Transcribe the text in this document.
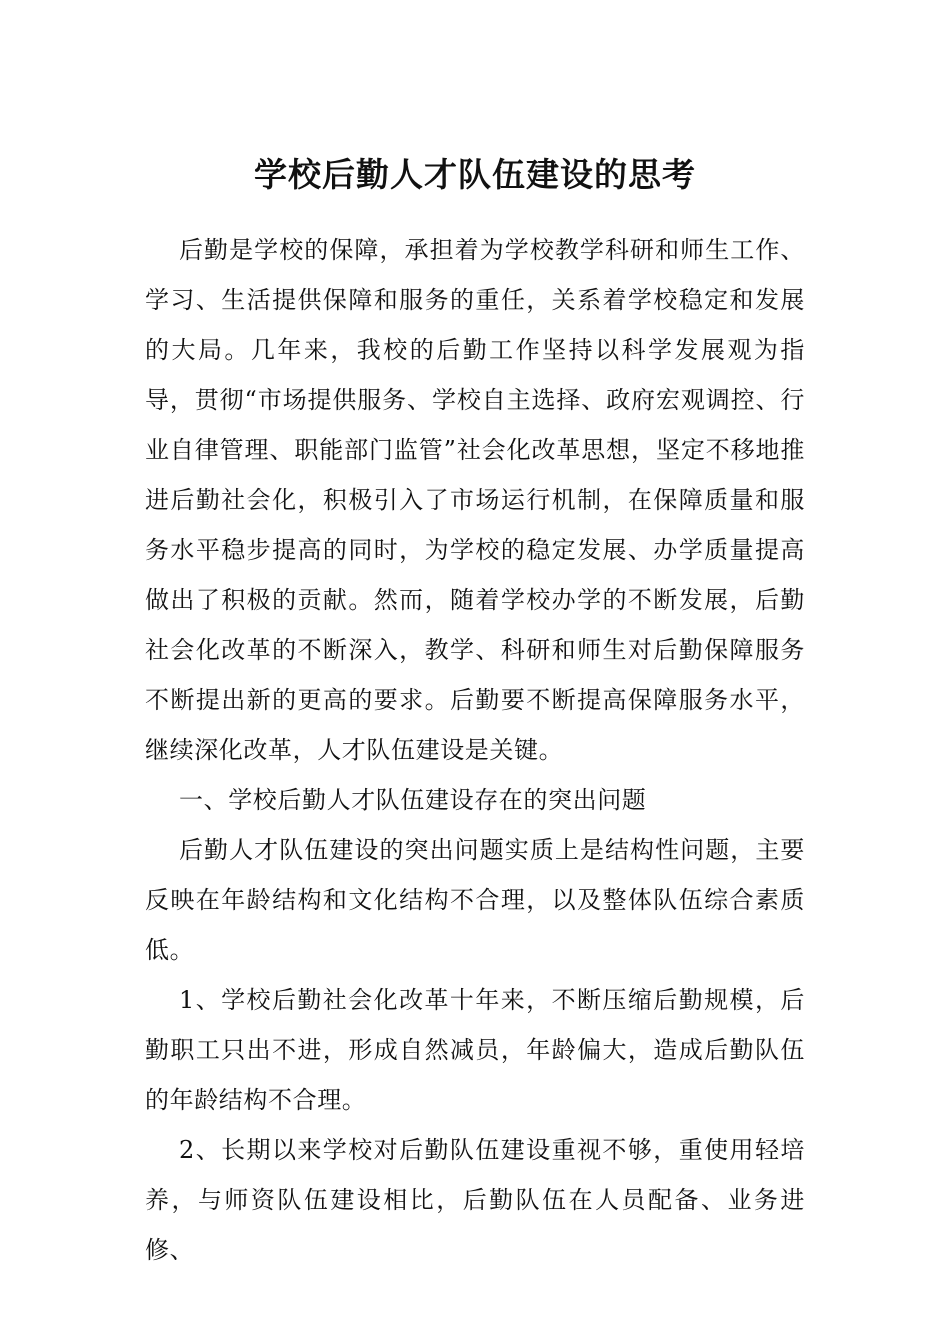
学校后勤人才队伍建设的思考

后勤是学校的保障，承担着为学校教学科研和师生工作、学习、生活提供保障和服务的重任，关系着学校稳定和发展的大局。几年来，我校的后勤工作坚持以科学发展观为指导，贯彻“市场提供服务、学校自主选择、政府宏观调控、行业自律管理、职能部门监管”社会化改革思想，坚定不移地推进后勤社会化，积极引入了市场运行机制，在保障质量和服务水平稳步提高的同时，为学校的稳定发展、办学质量提高做出了积极的贡献。然而，随着学校办学的不断发展，后勤社会化改革的不断深入，教学、科研和师生对后勤保障服务不断提出新的更高的要求。后勤要不断提高保障服务水平，继续深化改革，人才队伍建设是关键。

一、学校后勤人才队伍建设存在的突出问题

后勤人才队伍建设的突出问题实质上是结构性问题，主要反映在年龄结构和文化结构不合理，以及整体队伍综合素质低。

1、学校后勤社会化改革十年来，不断压缩后勤规模，后勤职工只出不进，形成自然减员，年龄偏大，造成后勤队伍的年龄结构不合理。

2、长期以来学校对后勤队伍建设重视不够，重使用轻培养，与师资队伍建设相比，后勤队伍在人员配备、业务进修、
